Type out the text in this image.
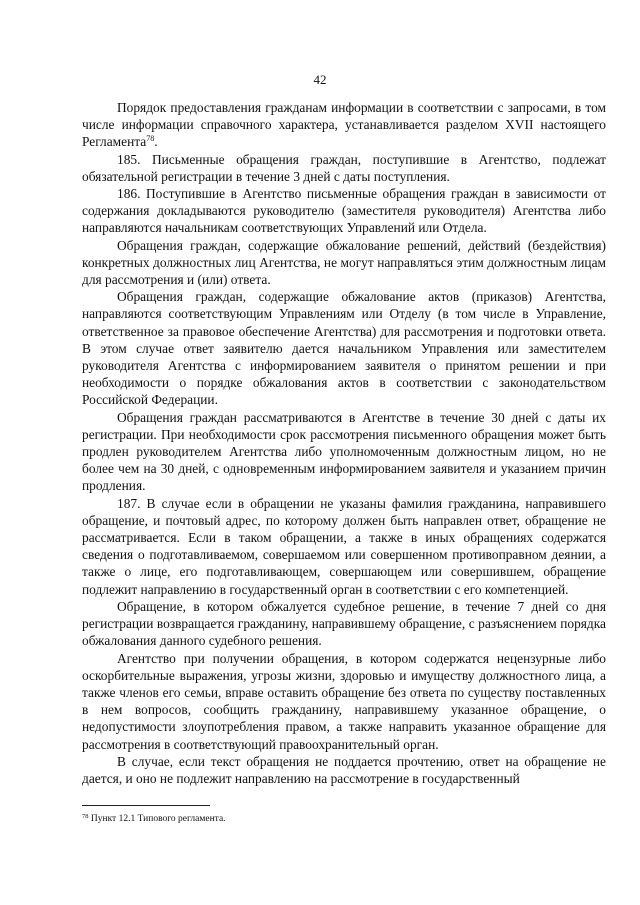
42

Порядок предоставления гражданам информации в соответствии с запросами, в том числе информации справочного характера, устанавливается разделом XVII настоящего Регламента$^{78}$.

185. Письменные обращения граждан, поступившие в Агентство, подлежат обязательной регистрации в течение 3 дней с даты поступления.

186. Поступившие в Агентство письменные обращения граждан в зависимости от содержания докладываются руководителю (заместителя руководителя) Агентства либо направляются начальникам соответствующих Управлений или Отдела.

Обращения граждан, содержащие обжалование решений, действий (бездействия) конкретных должностных лиц Агентства, не могут направляться этим должностным лицам для рассмотрения и (или) ответа.

Обращения граждан, содержащие обжалование актов (приказов) Агентства, направляются соответствующим Управлениям или Отделу (в том числе в Управление, ответственное за правовое обеспечение Агентства) для рассмотрения и подготовки ответа. В этом случае ответ заявителю дается начальником Управления или заместителем руководителя Агентства с информированием заявителя о принятом решении и при необходимости о порядке обжалования актов в соответствии с законодательством Российской Федерации.

Обращения граждан рассматриваются в Агентстве в течение 30 дней с даты их регистрации. При необходимости срок рассмотрения письменного обращения может быть продлен руководителем Агентства либо уполномоченным должностным лицом, но не более чем на 30 дней, с одновременным информированием заявителя и указанием причин продления.

187. В случае если в обращении не указаны фамилия гражданина, направившего обращение, и почтовый адрес, по которому должен быть направлен ответ, обращение не рассматривается. Если в таком обращении, а также в иных обращениях содержатся сведения о подготавливаемом, совершаемом или совершенном противоправном деянии, а также о лице, его подготавливающем, совершающем или совершившем, обращение подлежит направлению в государственный орган в соответствии с его компетенцией.

Обращение, в котором обжалуется судебное решение, в течение 7 дней со дня регистрации возвращается гражданину, направившему обращение, с разъяснением порядка обжалования данного судебного решения.

Агентство при получении обращения, в котором содержатся нецензурные либо оскорбительные выражения, угрозы жизни, здоровью и имуществу должностного лица, а также членов его семьи, вправе оставить обращение без ответа по существу поставленных в нем вопросов, сообщить гражданину, направившему указанное обращение, о недопустимости злоупотребления правом, а также направить указанное обращение для рассмотрения в соответствующий правоохранительный орган.

В случае, если текст обращения не поддается прочтению, ответ на обращение не дается, и оно не подлежит направлению на рассмотрение в государственный

$^{78}$ Пункт 12.1 Типового регламента.
